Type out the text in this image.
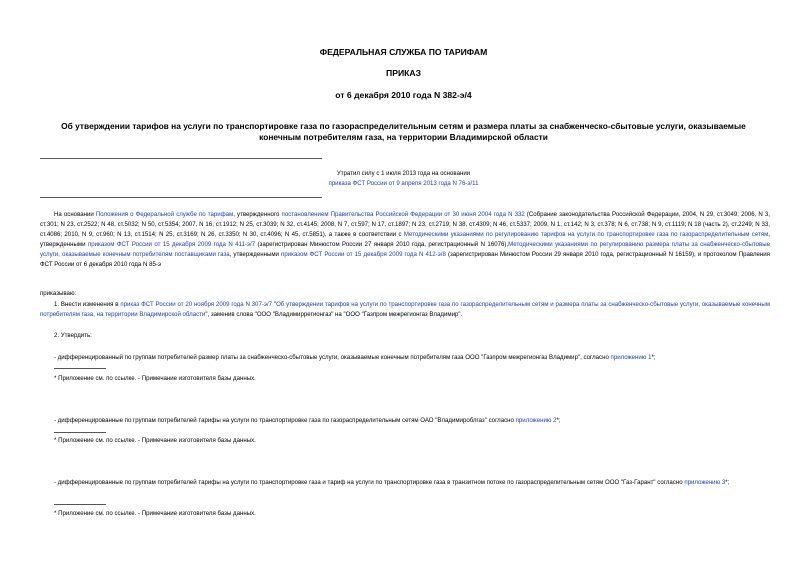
ФЕДЕРАЛЬНАЯ СЛУЖБА ПО ТАРИФАМ
ПРИКАЗ
от 6 декабря 2010 года N 382-э/4
Об утверждении тарифов на услуги по транспортировке газа по газораспределительным сетям и размера платы за снабженческо-сбытовые услуги, оказываемые конечным потребителям газа, на территории Владимирской области
Утратил силу с 1 июля 2013 года на основании
приказа ФСТ России от 9 апреля 2013 года N 76-э/11
На основании Положения о Федеральной службе по тарифам, утвержденного постановлением Правительства Российской Федерации от 30 июня 2004 года N 332 (Собрание законодательства Российской Федерации, 2004, N 29, ст.3049; 2006, N 3, ст.301; N 23, ст.2522; N 48, ст.5032; N 50, ст.5354; 2007, N 16, ст.1912; N 25, ст.3039; N 32, ст.4145; 2008, N 7, ст.597; N 17, ст.1897; N 23, ст.2719; N 38, ст.4309; N 46, ст.5337; 2009, N 1, ст.142; N 3, ст.378; N 6, ст.738; N 9, ст.1119; N 18 (часть 2), ст.2249; N 33, ст.4086; 2010, N 9, ст.960; N 13, ст.1514; N 25, ст.3169; N 26, ст.3350; N 30, ст.4096; N 45, ст.5851), а также в соответствии с Методическими указаниями по регулированию тарифов на услуги по транспортировке газа по газораспределительным сетям, утвержденными приказом ФСТ России от 15 декабря 2009 года N 411-э/7 (зарегистрирован Минюстом России 27 января 2010 года, регистрационный N 16076),Методическими указаниями по регулированию размера платы за снабженческо-сбытовые услуги, оказываемые конечным потребителям поставщиками газа, утвержденными приказом ФСТ России от 15 декабря 2009 года N 412-э/8 (зарегистрирован Минюстом России 29 января 2010 года, регистрационный N 16159), и протоколом Правления ФСТ России от 6 декабря 2010 года N 85-э
приказываю:
1. Внести изменения в приказ ФСТ России от 20 ноября 2009 года N 307-э/7 "Об утверждении тарифов на услуги по транспортировке газа по газораспределительным сетям и размера платы за снабженческо-сбытовые услуги, оказываемые конечным потребителям газа, на территории Владимирской области", заменив слова "ООО "Владимиррегионгаз" на "ООО "Газпром межрегионгаз Владимир".
2. Утвердить:
- дифференцированный по группам потребителей размер платы за снабженческо-сбытовые услуги, оказываемые конечным потребителям газа ООО "Газпром межрегионгаз Владимир", согласно приложению 1*;
* Приложение см. по ссылке. - Примечание изготовителя базы данных.
- дифференцированные по группам потребителей тарифы на услуги по транспортировке газа по газораспределительным сетям ОАО "Владимироблгаз" согласно приложению 2*;
* Приложение см. по ссылке. - Примечание изготовителя базы данных.
- дифференцированные по группам потребителей тарифы на услуги по транспортировке газа и тариф на услуги по транспортировке газа в транзитном потоке по газораспределительным сетям ООО "Газ-Гарант" согласно приложению 3*;
* Приложение см. по ссылке. - Примечание изготовителя базы данных.
